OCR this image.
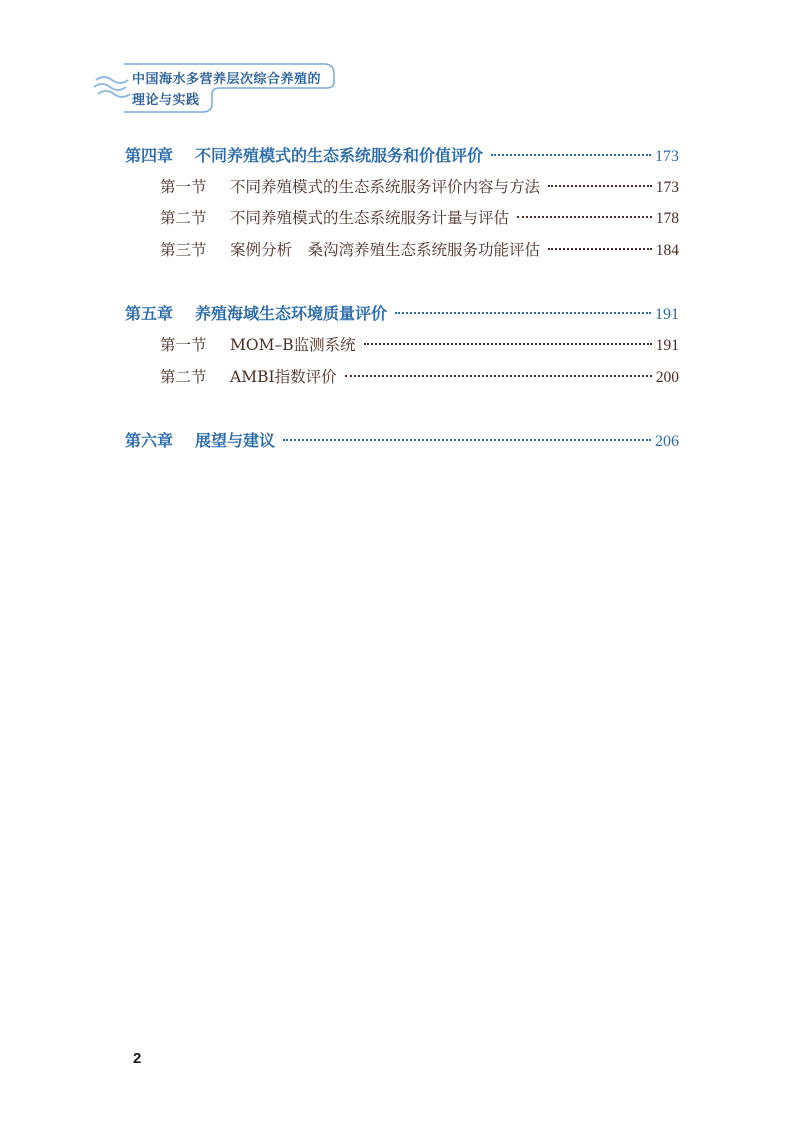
中国海水多营养层次综合养殖的
理论与实践
第四章	不同养殖模式的生态系统服务和价值评价	173
第一节	不同养殖模式的生态系统服务评价内容与方法	173
第二节	不同养殖模式的生态系统服务计量与评估	178
第三节	案例分析　桑沟湾养殖生态系统服务功能评估	184
第五章	养殖海域生态环境质量评价	191
第一节	MOM–B监测系统	191
第二节	AMBI指数评价	200
第六章	展望与建议	206
2
